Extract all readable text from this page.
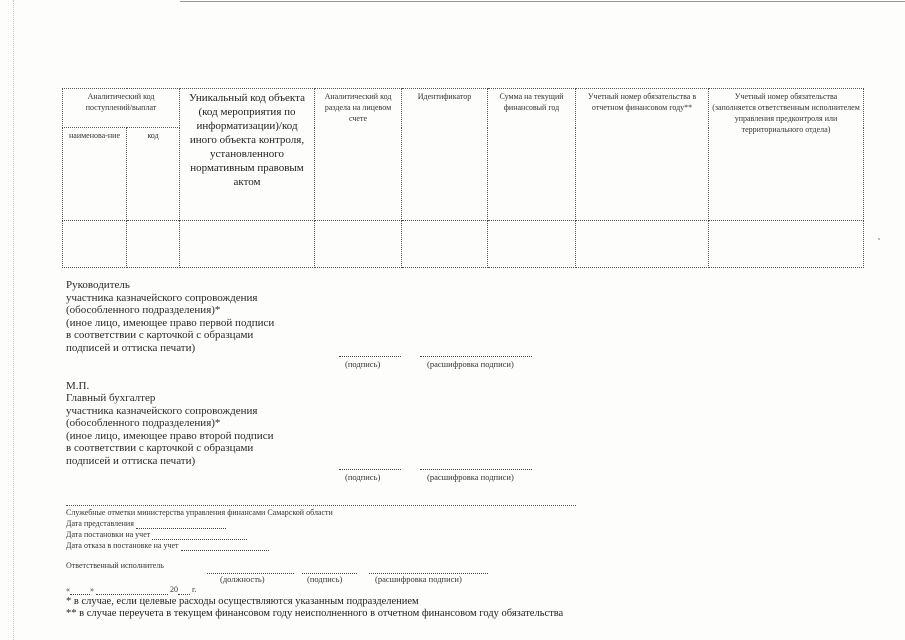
Аналитический код поступлений/выплат		Уникальный код объекта (код мероприятия по информатизации)/код иного объекта контроля, установленного нормативным правовым актом	Аналитический код раздела на лицевом счете	Идентификатор	Сумма на текущий финансовый год	Учетный номер обязательства в отчетном финансовом году**	Учетный номер обязательства (заполняется ответственным исполнителем управления предконтроля или территориального отдела)
наименова-ние	код						

Руководитель
участника казначейского сопровождения
(обособленного подразделения)*
(иное лицо, имеющее право первой подписи
в соответствии с карточкой с образцами
подписей и оттиска печати)
(подпись)	(расшифровка подписи)
М.П.
Главный бухгалтер
участника казначейского сопровождения
(обособленного подразделения)*
(иное лицо, имеющее право второй подписи
в соответствии с карточкой с образцами
подписей и оттиска печати)
(подпись)	(расшифровка подписи)
Служебные отметки министерства управления финансами Самарской области
Дата представления
Дата постановки на учет
Дата отказа в постановке на учет
Ответственный исполнитель
(должность)	(подпись)	(расшифровка подписи)
«	»	20 г.
* в случае, если целевые расходы осуществляются указанным подразделением
** в случае переучета в текущем финансовом году неисполненного в отчетном финансовом году обязательства
